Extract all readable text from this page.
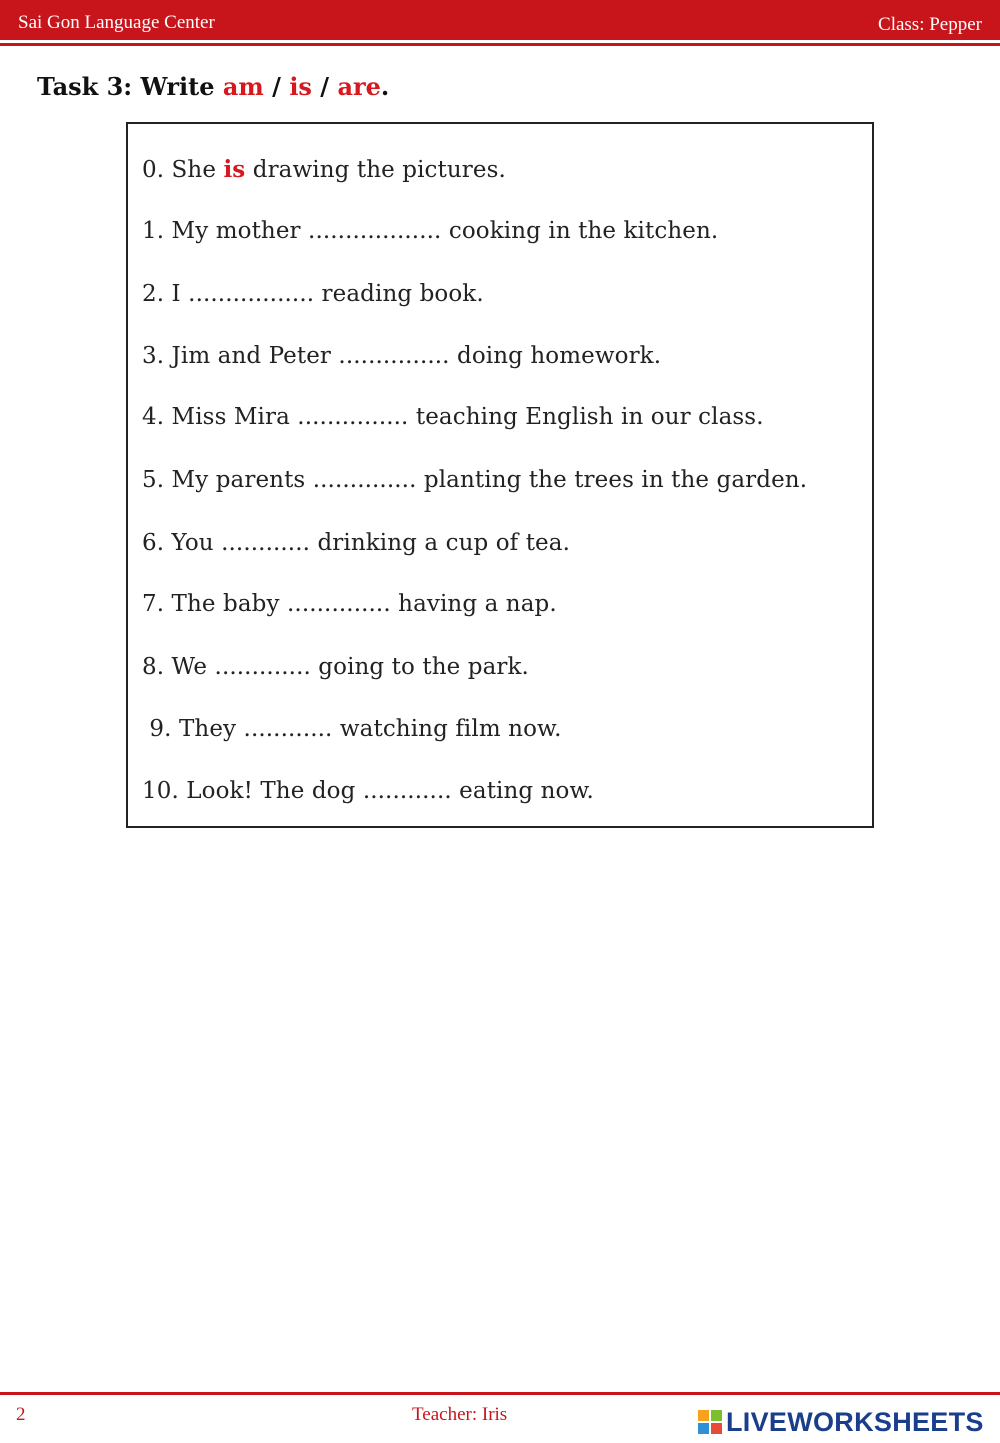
Sai Gon Language Center	Class: Pepper
Task 3: Write am / is / are.
0. She is drawing the pictures.
1. My mother .................. cooking in the kitchen.
2. I ................. reading book.
3. Jim and Peter ............... doing homework.
4. Miss Mira ............... teaching English in our class.
5. My parents .............. planting the trees in the garden.
6. You ............ drinking a cup of tea.
7. The baby .............. having a nap.
8. We ............. going to the park.
9. They ............ watching film now.
10. Look! The dog ............ eating now.
2	Teacher: Iris	LIVEWORKSHEETS
